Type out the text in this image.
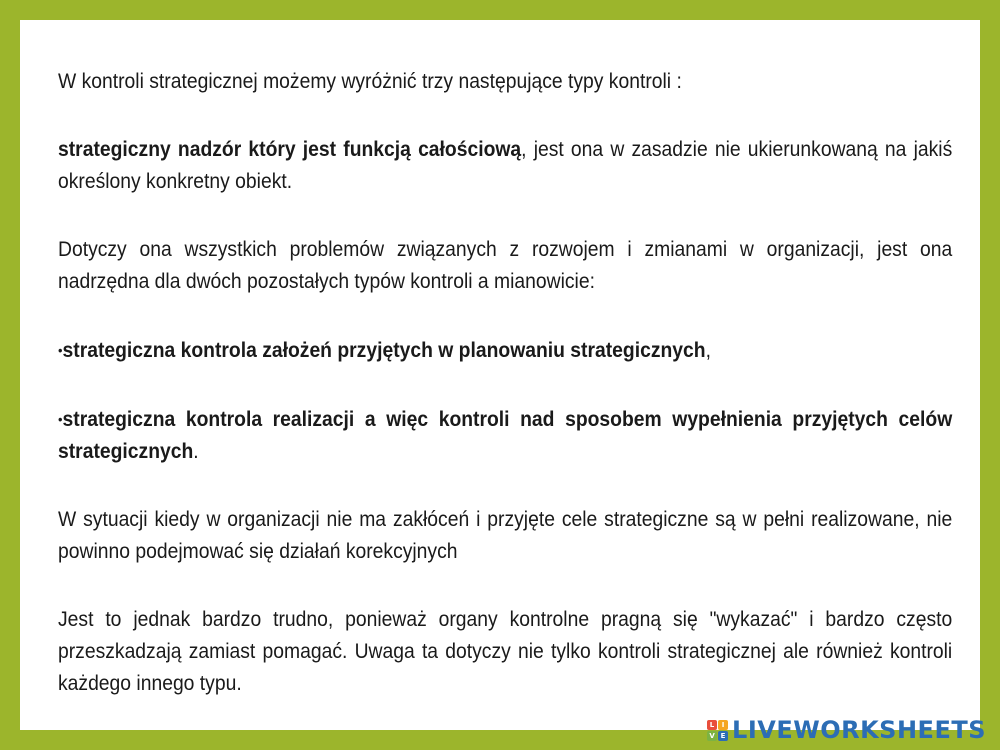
W kontroli strategicznej możemy wyróżnić trzy następujące typy kontroli :

strategiczny nadzór który jest funkcją całościową, jest ona w zasadzie nie ukierunkowaną na jakiś określony konkretny obiekt.

Dotyczy ona wszystkich problemów związanych z rozwojem i zmianami w organizacji, jest ona nadrzędna dla dwóch pozostałych typów kontroli a mianowicie:

•strategiczna kontrola założeń przyjętych w planowaniu strategicznych,

•strategiczna kontrola realizacji a więc kontroli nad sposobem wypełnienia przyjętych celów strategicznych.

W sytuacji kiedy w organizacji nie ma zakłóceń i przyjęte cele strategiczne są w pełni realizowane, nie powinno podejmować się działań korekcyjnych

Jest to jednak bardzo trudno, ponieważ organy kontrolne pragną się "wykazać" i bardzo często przeszkadzają zamiast pomagać. Uwaga ta dotyczy nie tylko kontroli strategicznej ale również kontroli każdego innego typu.

L	I
V E LIVEWORKSHEETS
